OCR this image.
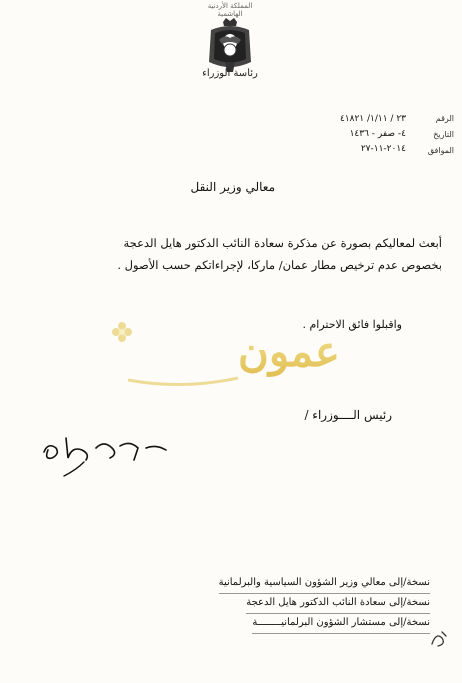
المملكة الأردنية الهاشمية
رئاسة الوزراء
الرقم
التاريخ
الموافق
٢٣ / ١/١١/ ٤١٨٢١
٤- صفر - ١٤٣٦
٢٠١٤-١١-٢٧
معالي وزير النقل
أبعث لمعاليكم بصورة عن مذكرة سعادة النائب الدكتور هايل الدعجة
بخصوص عدم ترخيص مطار عمان/ ماركا، لإجراءاتكم حسب الأصول .
واقبلوا فائق الاحترام .
عمون
رئيس الــــوزراء /
نسخة/إلى معالي وزير الشؤون السياسية والبرلمانية
نسخة/إلى سعادة النائب الدكتور هايل الدعجة
نسخة/إلى مستشار الشؤون البرلمانيــــــــة
